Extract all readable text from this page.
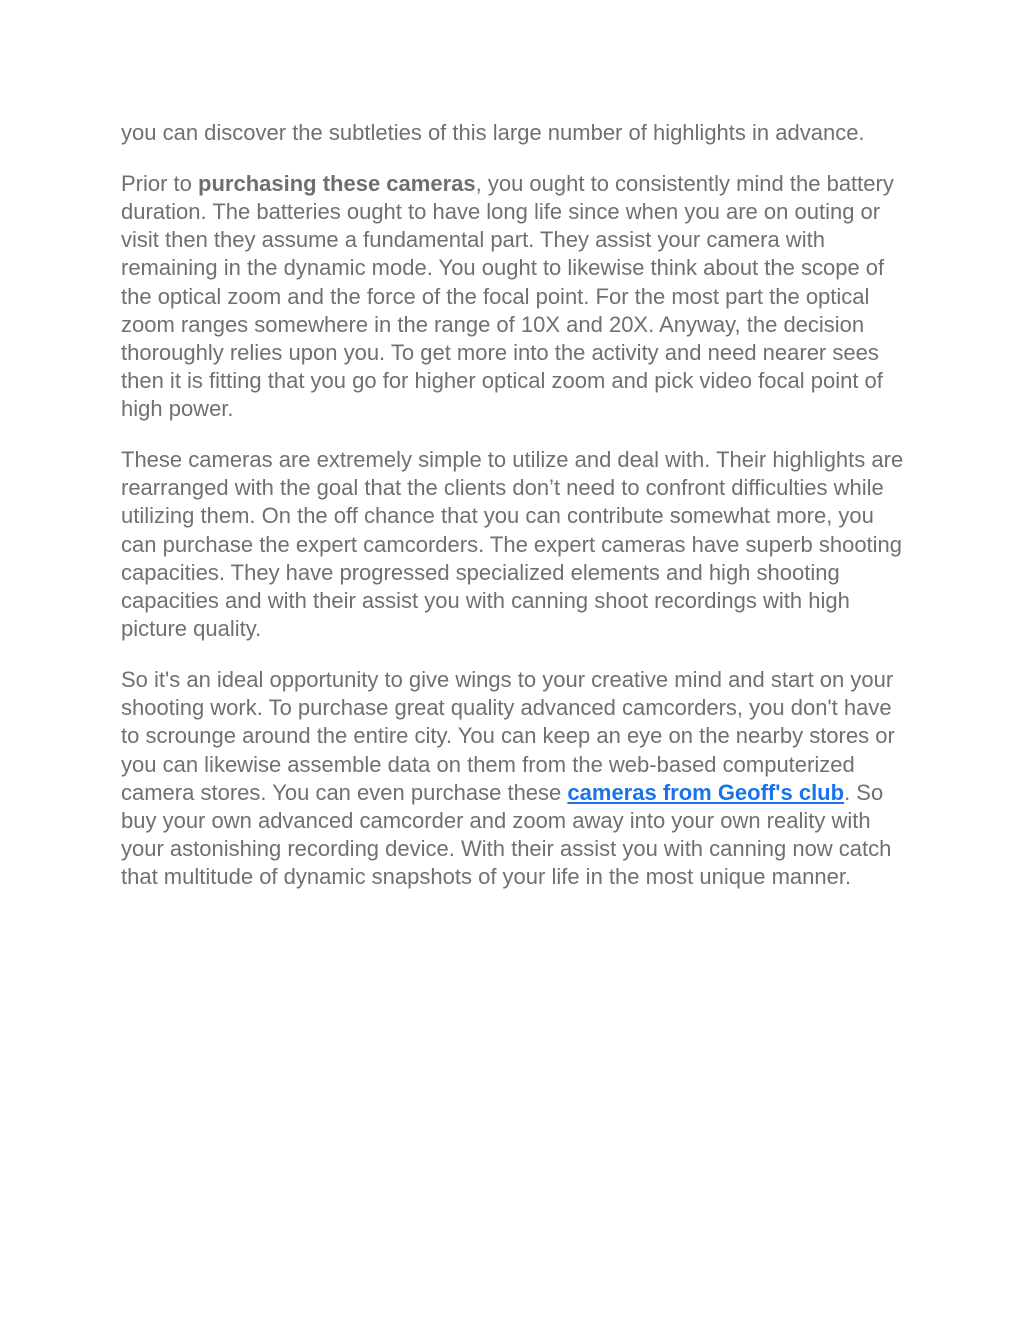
you can discover the subtleties of this large number of highlights in advance.

Prior to purchasing these cameras, you ought to consistently mind the battery duration. The batteries ought to have long life since when you are on outing or visit then they assume a fundamental part. They assist your camera with remaining in the dynamic mode. You ought to likewise think about the scope of the optical zoom and the force of the focal point. For the most part the optical zoom ranges somewhere in the range of 10X and 20X. Anyway, the decision thoroughly relies upon you. To get more into the activity and need nearer sees then it is fitting that you go for higher optical zoom and pick video focal point of high power.

These cameras are extremely simple to utilize and deal with. Their highlights are rearranged with the goal that the clients don’t need to confront difficulties while utilizing them. On the off chance that you can contribute somewhat more, you can purchase the expert camcorders. The expert cameras have superb shooting capacities. They have progressed specialized elements and high shooting capacities and with their assist you with canning shoot recordings with high picture quality.

So it's an ideal opportunity to give wings to your creative mind and start on your shooting work. To purchase great quality advanced camcorders, you don't have to scrounge around the entire city. You can keep an eye on the nearby stores or you can likewise assemble data on them from the web-based computerized camera stores. You can even purchase these cameras from Geoff's club. So buy your own advanced camcorder and zoom away into your own reality with your astonishing recording device. With their assist you with canning now catch that multitude of dynamic snapshots of your life in the most unique manner.
